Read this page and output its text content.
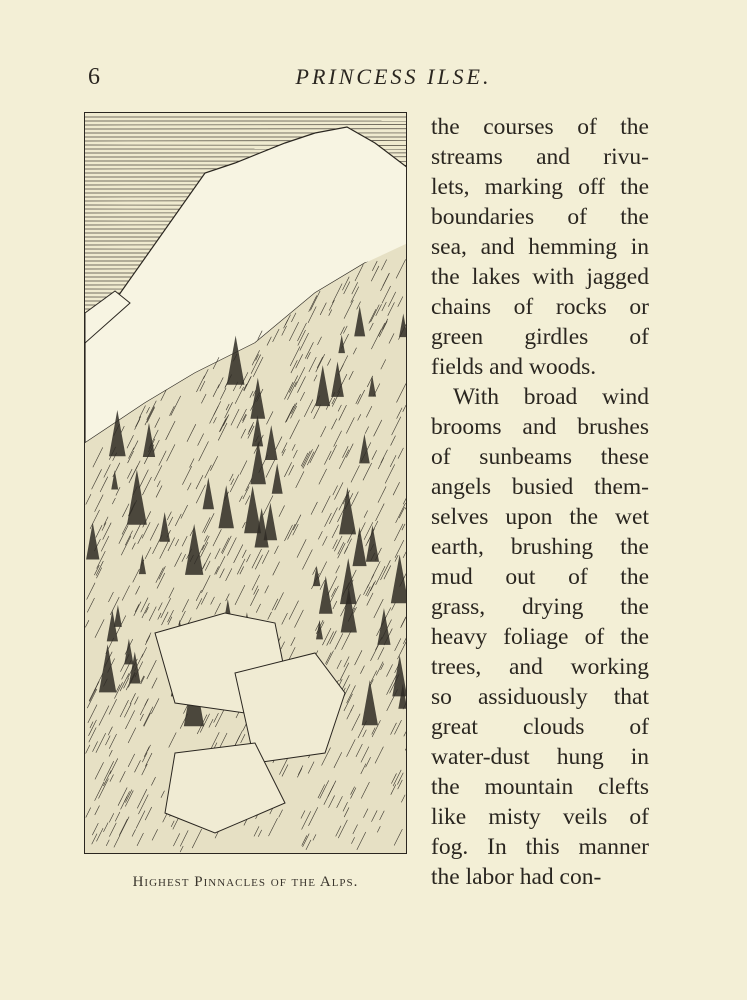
6	PRINCESS ILSE.
Highest Pinnacles of the Alps.
the courses of the
streams and rivu-
lets, marking off the
boundaries of the
sea, and hemming in
the lakes with jagged
chains of rocks or
green girdles of
fields and woods.
With broad wind
brooms and brushes
of sunbeams these
angels busied them-
selves upon the wet
earth, brushing the
mud out of the
grass, drying the
heavy foliage of the
trees, and working
so assiduously that
great clouds of
water-dust hung in
the mountain clefts
like misty veils of
fog. In this manner
the labor had con-
